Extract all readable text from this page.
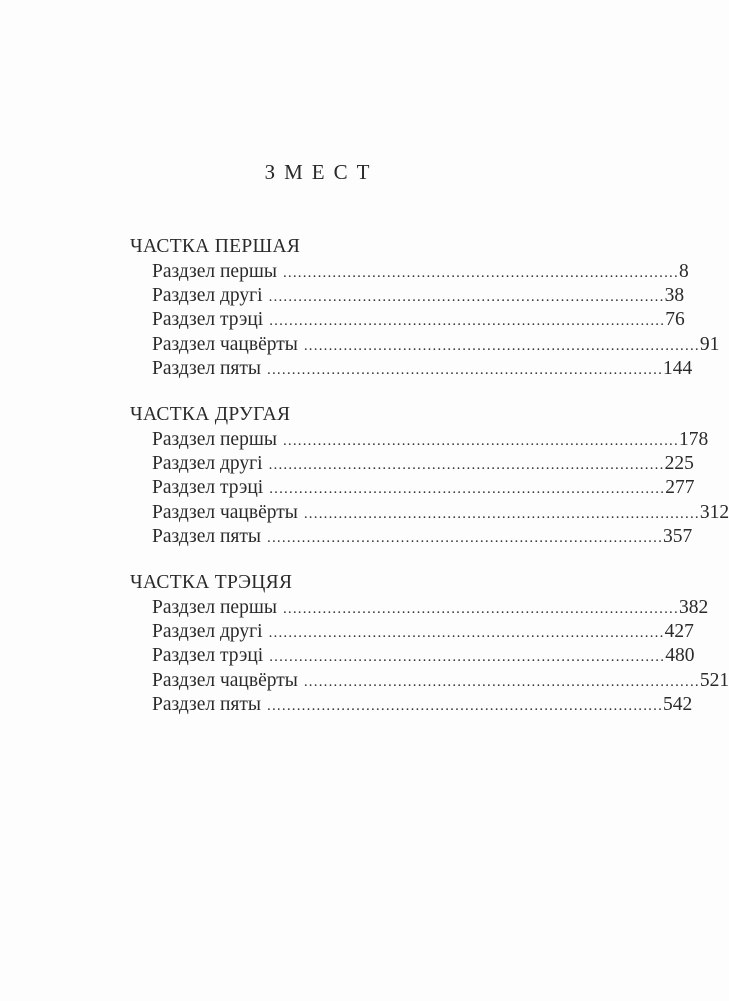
ЗМЕСТ
ЧАСТКА ПЕРШАЯ
Раздзел першы ................................................................................ 8
Раздзел другі ................................................................................ 38
Раздзел трэці ................................................................................ 76
Раздзел чацвёрты ................................................................................ 91
Раздзел пяты ................................................................................ 144
ЧАСТКА ДРУГАЯ
Раздзел першы ................................................................................ 178
Раздзел другі ................................................................................ 225
Раздзел трэці ................................................................................ 277
Раздзел чацвёрты ................................................................................ 312
Раздзел пяты ................................................................................ 357
ЧАСТКА ТРЭЦЯЯ
Раздзел першы ................................................................................ 382
Раздзел другі ................................................................................ 427
Раздзел трэці ................................................................................ 480
Раздзел чацвёрты ................................................................................ 521
Раздзел пяты ................................................................................ 542
